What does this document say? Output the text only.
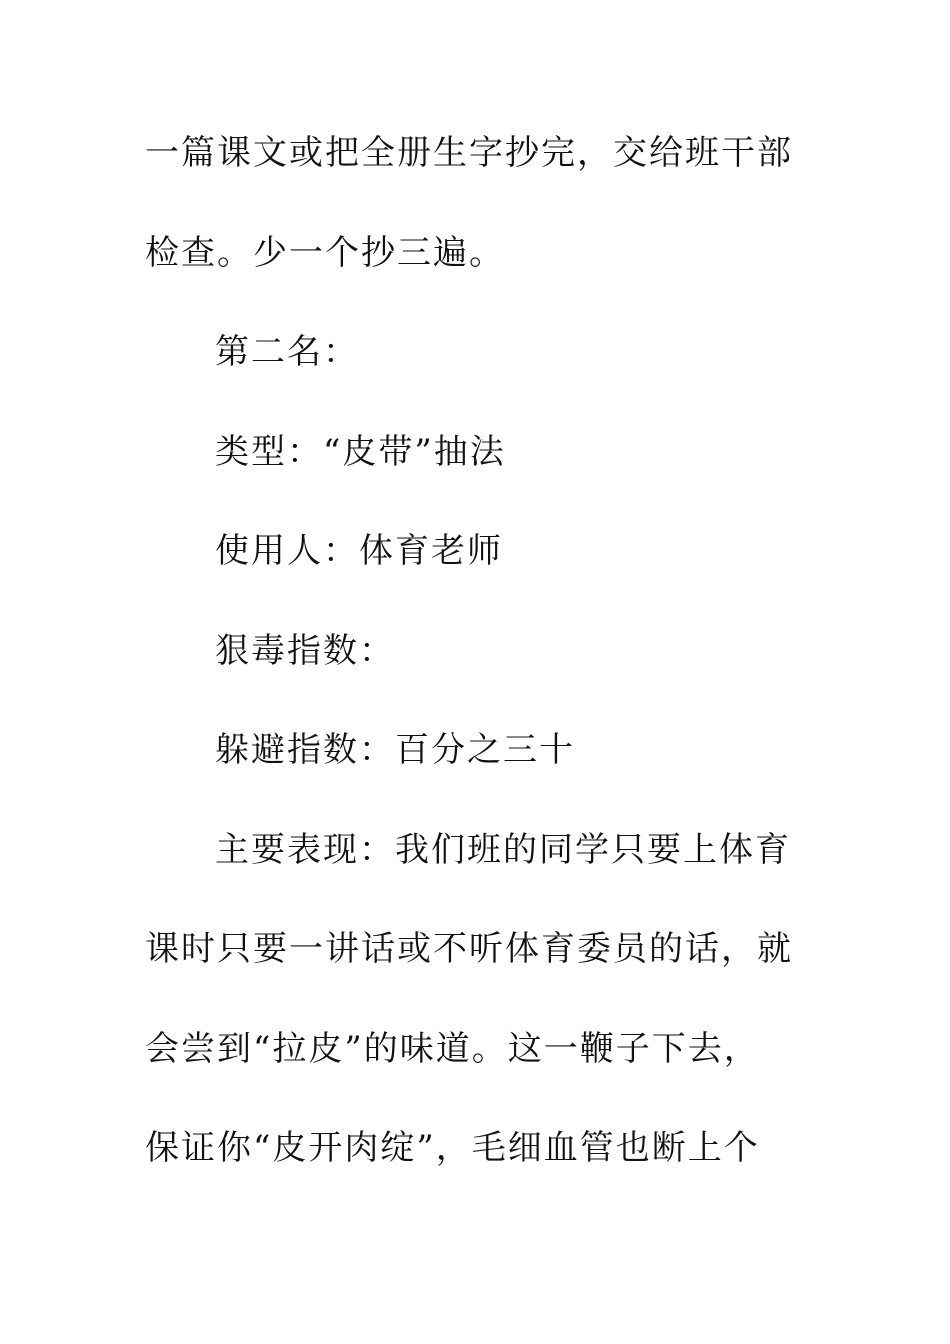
一篇课文或把全册生字抄完，交给班干部
检查。少一个抄三遍。
第二名：
类型：“皮带”抽法
使用人：体育老师
狠毒指数：
躲避指数：百分之三十
主要表现：我们班的同学只要上体育
课时只要一讲话或不听体育委员的话，就
会尝到“拉皮”的味道。这一鞭子下去，
保证你“皮开肉绽”，毛细血管也断上个
